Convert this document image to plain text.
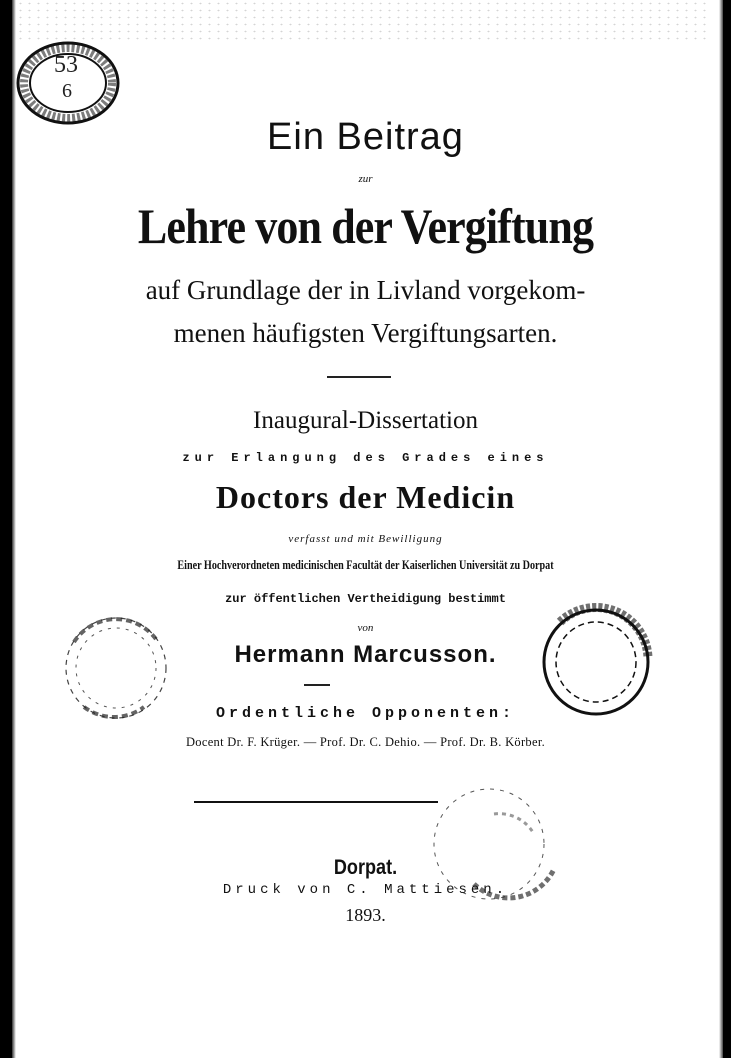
53
6
Ein Beitrag
zur
Lehre von der Vergiftung
auf Grundlage der in Livland vorgekom-
menen häufigsten Vergiftungsarten.
Inaugural-Dissertation
zur Erlangung des Grades eines
Doctors der Medicin
verfasst und mit Bewilligung
Einer Hochverordneten medicinischen Facultät der Kaiserlichen Universität zu Dorpat
zur öffentlichen Vertheidigung bestimmt
von
Hermann Marcusson.
Ordentliche Opponenten:
Docent Dr. F. Krüger. — Prof. Dr. C. Dehio. — Prof. Dr. B. Körber.
Dorpat.
Druck von C. Mattiesen.
1893.
